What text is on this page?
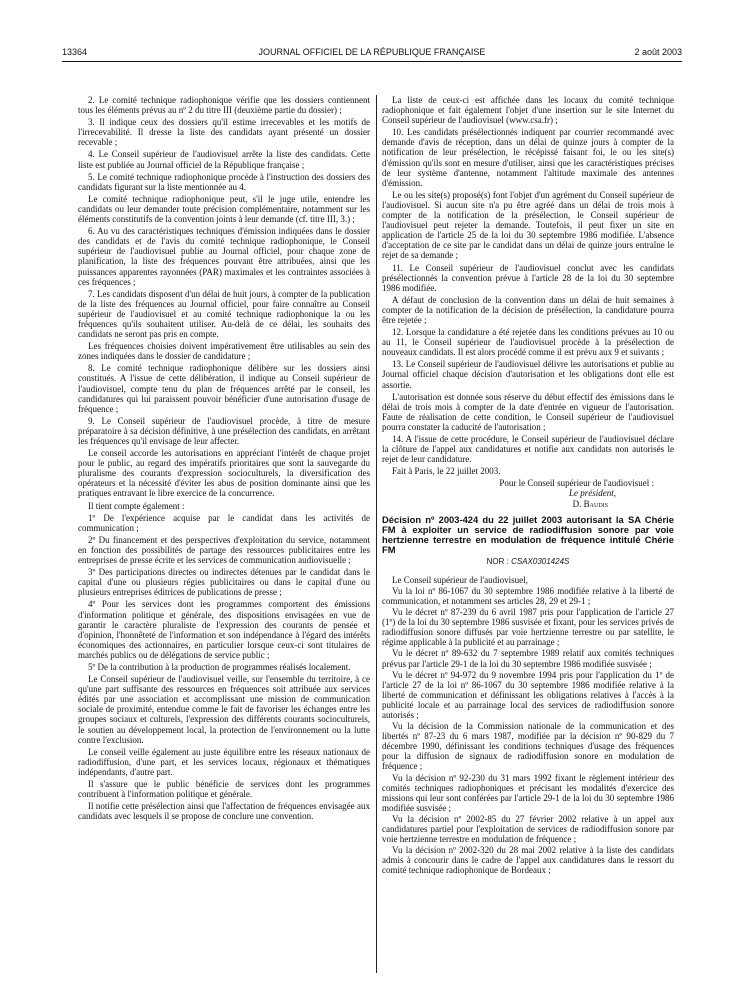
13364	JOURNAL OFFICIEL DE LA RÉPUBLIQUE FRANÇAISE	2 août 2003

2. Le comité technique radiophonique vérifie que les dossiers contiennent tous les éléments prévus au nº 2 du titre III (deuxième partie du dossier) ;

3. Il indique ceux des dossiers qu'il estime irrecevables et les motifs de l'irrecevabilité. Il dresse la liste des candidats ayant présenté un dossier recevable ;

4. Le Conseil supérieur de l'audiovisuel arrête la liste des candidats. Cette liste est publiée au Journal officiel de la République française ;

5. Le comité technique radiophonique procède à l'instruction des dossiers des candidats figurant sur la liste mentionnée au 4.

Le comité technique radiophonique peut, s'il le juge utile, entendre les candidats ou leur demander toute précision complémentaire, notamment sur les éléments constitutifs de la convention joints à leur demande (cf. titre III, 3.) ;

6. Au vu des caractéristiques techniques d'émission indiquées dans le dossier des candidats et de l'avis du comité technique radiophonique, le Conseil supérieur de l'audiovisuel publie au Journal officiel, pour chaque zone de planification, la liste des fréquences pouvant être attribuées, ainsi que les puissances apparentes rayonnées (PAR) maximales et les contraintes associées à ces fréquences ;

7. Les candidats disposent d'un délai de huit jours, à compter de la publication de la liste des fréquences au Journal officiel, pour faire connaître au Conseil supérieur de l'audiovisuel et au comité technique radiophonique la ou les fréquences qu'ils souhaitent utiliser. Au-delà de ce délai, les souhaits des candidats ne seront pas pris en compte.

Les fréquences choisies doivent impérativement être utilisables au sein des zones indiquées dans le dossier de candidature ;

8. Le comité technique radiophonique délibère sur les dossiers ainsi constitués. A l'issue de cette délibération, il indique au Conseil supérieur de l'audiovisuel, compte tenu du plan de fréquences arrêté par le conseil, les candidatures qui lui paraissent pouvoir bénéficier d'une autorisation d'usage de fréquence ;

9. Le Conseil supérieur de l'audiovisuel procède, à titre de mesure préparatoire à sa décision définitive, à une présélection des candidats, en arrêtant les fréquences qu'il envisage de leur affecter.

Le conseil accorde les autorisations en appréciant l'intérêt de chaque projet pour le public, au regard des impératifs prioritaires que sont la sauvegarde du pluralisme des courants d'expression socioculturels, la diversification des opérateurs et la nécessité d'éviter les abus de position dominante ainsi que les pratiques entravant le libre exercice de la concurrence.

Il tient compte également :

1º De l'expérience acquise par le candidat dans les activités de communication ;

2º Du financement et des perspectives d'exploitation du service, notamment en fonction des possibilités de partage des ressources publicitaires entre les entreprises de presse écrite et les services de communication audiovisuelle ;

3º Des participations directes ou indirectes détenues par le candidat dans le capital d'une ou plusieurs régies publicitaires ou dans le capital d'une ou plusieurs entreprises éditrices de publications de presse ;

4º Pour les services dont les programmes comportent des émissions d'information politique et générale, des dispositions envisagées en vue de garantir le caractère pluraliste de l'expression des courants de pensée et d'opinion, l'honnêteté de l'information et son indépendance à l'égard des intérêts économiques des actionnaires, en particulier lorsque ceux-ci sont titulaires de marchés publics ou de délégations de service public ;

5º De la contribution à la production de programmes réalisés localement.

Le Conseil supérieur de l'audiovisuel veille, sur l'ensemble du territoire, à ce qu'une part suffisante des ressources en fréquences soit attribuée aux services édités par une association et accomplissant une mission de communication sociale de proximité, entendue comme le fait de favoriser les échanges entre les groupes sociaux et culturels, l'expression des différents courants socioculturels, le soutien au développement local, la protection de l'environnement ou la lutte contre l'exclusion.

Le conseil veille également au juste équilibre entre les réseaux nationaux de radiodiffusion, d'une part, et les services locaux, régionaux et thématiques indépendants, d'autre part.

Il s'assure que le public bénéficie de services dont les programmes contribuent à l'information politique et générale.

Il notifie cette présélection ainsi que l'affectation de fréquences envisagée aux candidats avec lesquels il se propose de conclure une convention.

La liste de ceux-ci est affichée dans les locaux du comité technique radiophonique et fait également l'objet d'une insertion sur le site Internet du Conseil supérieur de l'audiovisuel (www.csa.fr) ;

10. Les candidats présélectionnés indiquent par courrier recommandé avec demande d'avis de réception, dans un délai de quinze jours à compter de la notification de leur présélection, le récépissé faisant foi, le ou les site(s) d'émission qu'ils sont en mesure d'utiliser, ainsi que les caractéristiques précises de leur système d'antenne, notamment l'altitude maximale des antennes d'émission.

Le ou les site(s) proposé(s) font l'objet d'un agrément du Conseil supérieur de l'audiovisuel. Si aucun site n'a pu être agréé dans un délai de trois mois à compter de la notification de la présélection, le Conseil supérieur de l'audiovisuel peut rejeter la demande. Toutefois, il peut fixer un site en application de l'article 25 de la loi du 30 septembre 1986 modifiée. L'absence d'acceptation de ce site par le candidat dans un délai de quinze jours entraîne le rejet de sa demande ;

11. Le Conseil supérieur de l'audiovisuel conclut avec les candidats présélectionnés la convention prévue à l'article 28 de la loi du 30 septembre 1986 modifiée.

A défaut de conclusion de la convention dans un délai de huit semaines à compter de la notification de la décision de présélection, la candidature pourra être rejetée ;

12. Lorsque la candidature a été rejetée dans les conditions prévues au 10 ou au 11, le Conseil supérieur de l'audiovisuel procède à la présélection de nouveaux candidats. Il est alors procédé comme il est prévu aux 9 et suivants ;

13. Le Conseil supérieur de l'audiovisuel délivre les autorisations et publie au Journal officiel chaque décision d'autorisation et les obligations dont elle est assortie.

L'autorisation est donnée sous réserve du début effectif des émissions dans le délai de trois mois à compter de la date d'entrée en vigueur de l'autorisation. Faute de réalisation de cette condition, le Conseil supérieur de l'audiovisuel pourra constater la caducité de l'autorisation ;

14. A l'issue de cette procédure, le Conseil supérieur de l'audiovisuel déclare la clôture de l'appel aux candidatures et notifie aux candidats non autorisés le rejet de leur candidature.

Fait à Paris, le 22 juillet 2003.

Pour le Conseil supérieur de l'audiovisuel :

Le président,

D. Baudis

Décision nº 2003-424 du 22 juillet 2003 autorisant la SA Chérie FM à exploiter un service de radiodiffusion sonore par voie hertzienne terrestre en modulation de fréquence intitulé Chérie FM

NOR : CSAX0301424S

Le Conseil supérieur de l'audiovisuel,

Vu la loi nº 86-1067 du 30 septembre 1986 modifiée relative à la liberté de communication, et notamment ses articles 28, 29 et 29-1 ;

Vu le décret nº 87-239 du 6 avril 1987 pris pour l'application de l'article 27 (1º) de la loi du 30 septembre 1986 susvisée et fixant, pour les services privés de radiodiffusion sonore diffusés par voie hertzienne terrestre ou par satellite, le régime applicable à la publicité et au parrainage ;

Vu le décret nº 89-632 du 7 septembre 1989 relatif aux comités techniques prévus par l'article 29-1 de la loi du 30 septembre 1986 modifiée susvisée ;

Vu le décret nº 94-972 du 9 novembre 1994 pris pour l'application du 1º de l'article 27 de la loi nº 86-1067 du 30 septembre 1986 modifiée relative à la liberté de communication et définissant les obligations relatives à l'accès à la publicité locale et au parrainage local des services de radiodiffusion sonore autorisés ;

Vu la décision de la Commission nationale de la communication et des libertés nº 87-23 du 6 mars 1987, modifiée par la décision nº 90-829 du 7 décembre 1990, définissant les conditions techniques d'usage des fréquences pour la diffusion de signaux de radiodiffusion sonore en modulation de fréquence ;

Vu la décision nº 92-230 du 31 mars 1992 fixant le règlement intérieur des comités techniques radiophoniques et précisant les modalités d'exercice des missions qui leur sont conférées par l'article 29-1 de la loi du 30 septembre 1986 modifiée susvisée ;

Vu la décision nº 2002-85 du 27 février 2002 relative à un appel aux candidatures partiel pour l'exploitation de services de radiodiffusion sonore par voie hertzienne terrestre en modulation de fréquence ;

Vu la décision nº 2002-320 du 28 mai 2002 relative à la liste des candidats admis à concourir dans le cadre de l'appel aux candidatures dans le ressort du comité technique radiophonique de Bordeaux ;
